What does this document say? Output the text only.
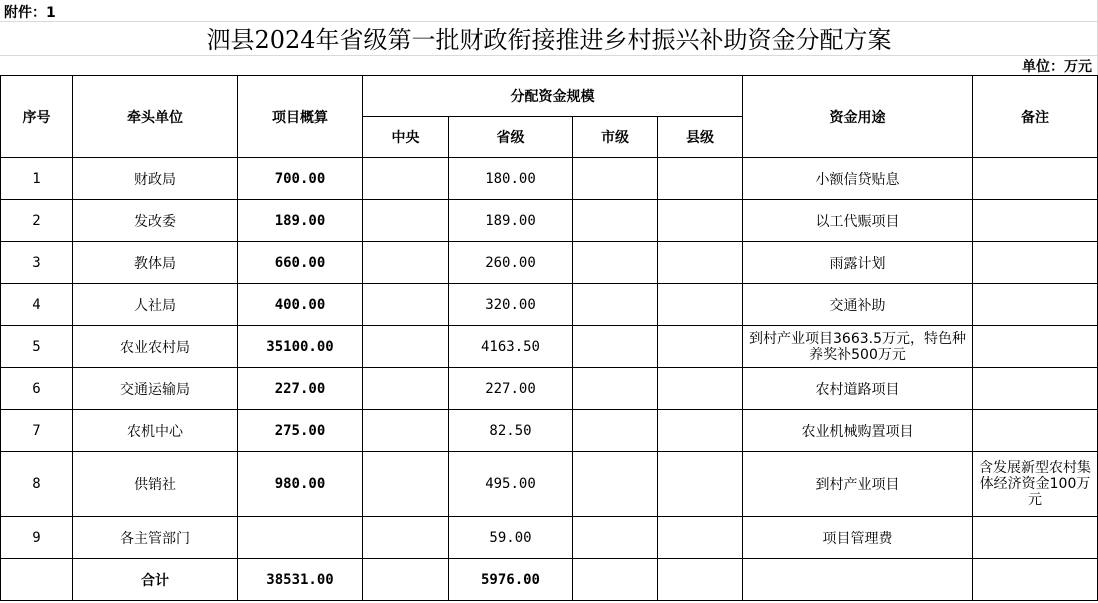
附件：1
泗县2024年省级第一批财政衔接推进乡村振兴补助资金分配方案
单位：万元
序号	牵头单位	项目概算	分配资金规模				资金用途	备注
			中央	省级	市级	县级		
1	财政局	700.00		180.00			小额信贷贴息	
2	发改委	189.00		189.00			以工代赈项目	
3	教体局	660.00		260.00			雨露计划	
4	人社局	400.00		320.00			交通补助	
5	农业农村局	35100.00		4163.50			到村产业项目3663.5万元，特色种养奖补500万元	
6	交通运输局	227.00		227.00			农村道路项目	
7	农机中心	275.00		82.50			农业机械购置项目	
8	供销社	980.00		495.00			到村产业项目	含发展新型农村集体经济资金100万元
9	各主管部门			59.00			项目管理费	
	合计	38531.00		5976.00				
